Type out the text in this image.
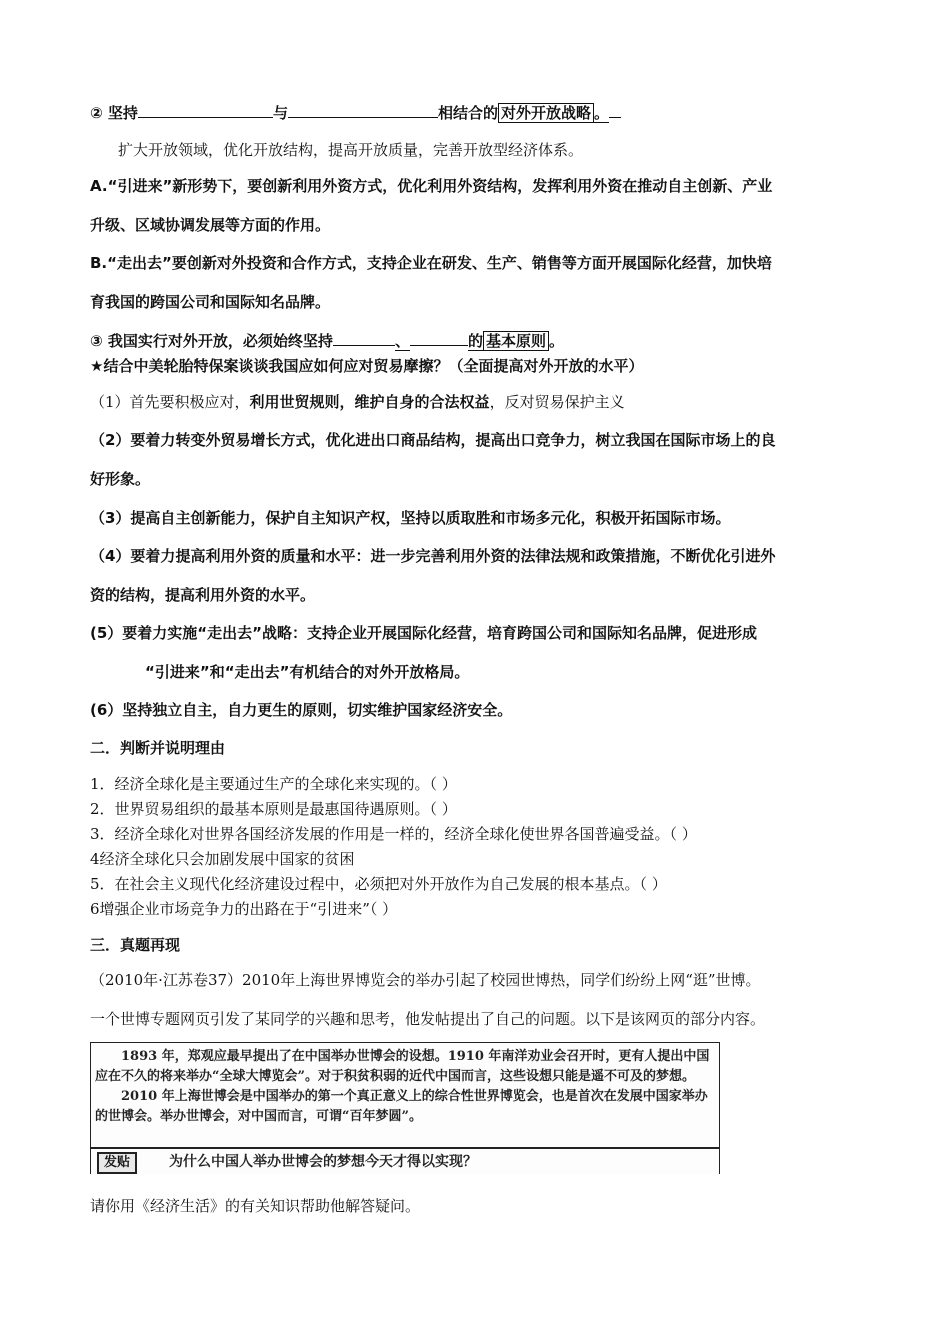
② 坚持	与	相结合的 对外开放战略 。
扩大开放领域，优化开放结构，提高开放质量，完善开放型经济体系。
A.“引进来”新形势下，要创新利用外资方式，优化利用外资结构，发挥利用外资在推动自主创新、产业
升级、区域协调发展等方面的作用。
B.“走出去”要创新对外投资和合作方式，支持企业在研发、生产、销售等方面开展国际化经营，加快培
育我国的跨国公司和国际知名品牌。
③ 我国实行对外开放，必须始终坚持	、	的 基本原则 。
★结合中美轮胎特保案谈谈我国应如何应对贸易摩擦？（全面提高对外开放的水平）
（1）首先要积极应对，利用世贸规则，维护自身的合法权益，反对贸易保护主义
（2）要着力转变外贸易增长方式，优化进出口商品结构，提高出口竞争力，树立我国在国际市场上的良
好形象。
（3）提高自主创新能力，保护自主知识产权，坚持以质取胜和市场多元化，积极开拓国际市场。
（4）要着力提高利用外资的质量和水平：进一步完善利用外资的法律法规和政策措施，不断优化引进外
资的结构，提高利用外资的水平。
(5）要着力实施“走出去”战略：支持企业开展国际化经营，培育跨国公司和国际知名品牌，促进形成
“引进来”和“走出去”有机结合的对外开放格局。
(6）坚持独立自主，自力更生的原则，切实维护国家经济安全。
二．判断并说明理由
1．经济全球化是主要通过生产的全球化来实现的。（ ）
2．世界贸易组织的最基本原则是最惠国待遇原则。（ ）
3．经济全球化对世界各国经济发展的作用是一样的，经济全球化使世界各国普遍受益。（ ）
4经济全球化只会加剧发展中国家的贫困
5．在社会主义现代化经济建设过程中，必须把对外开放作为自己发展的根本基点。（ ）
6增强企业市场竞争力的出路在于“引进来”（ ）
三．真题再现
（2010年·江苏卷37）2010年上海世界博览会的举办引起了校园世博热，同学们纷纷上网“逛”世博。
一个世博专题网页引发了某同学的兴趣和思考，他发帖提出了自己的问题。以下是该网页的部分内容。

1893 年，郑观应最早提出了在中国举办世博会的设想。1910 年南洋劝业会召开时，更有人提出中国应在不久的将来举办“全球大博览会”。对于积贫积弱的近代中国而言，这些设想只能是遥不可及的梦想。

2010 年上海世博会是中国举办的第一个真正意义上的综合性世界博览会，也是首次在发展中国家举办的世博会。举办世博会，对中国而言，可谓“百年梦圆”。

发贴	为什么中国人举办世博会的梦想今天才得以实现？
请你用《经济生活》的有关知识帮助他解答疑问。
